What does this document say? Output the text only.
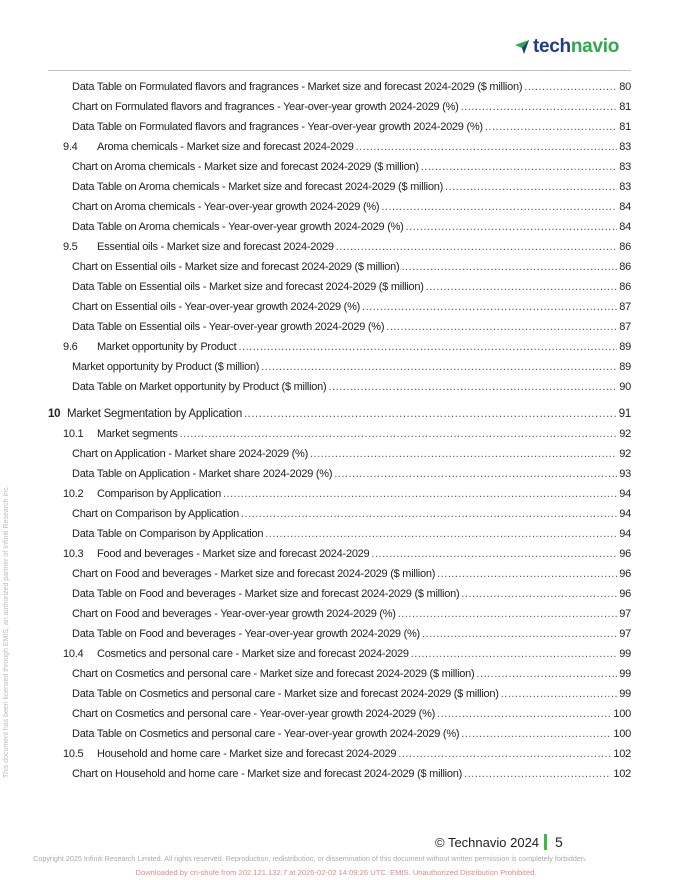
tech navio
Data Table on Formulated flavors and fragrances - Market size and forecast 2024-2029 ($ million) .....	80
Chart on Formulated flavors and fragrances - Year-over-year growth 2024-2029 (%) .....	81
Data Table on Formulated flavors and fragrances - Year-over-year growth 2024-2029 (%) .....	81
9.4	Aroma chemicals - Market size and forecast 2024-2029 .....	83
Chart on Aroma chemicals - Market size and forecast 2024-2029 ($ million) .....	83
Data Table on Aroma chemicals - Market size and forecast 2024-2029 ($ million) .....	83
Chart on Aroma chemicals - Year-over-year growth 2024-2029 (%) .....	84
Data Table on Aroma chemicals - Year-over-year growth 2024-2029 (%) .....	84
9.5	Essential oils - Market size and forecast 2024-2029 .....	86
Chart on Essential oils - Market size and forecast 2024-2029 ($ million) .....	86
Data Table on Essential oils - Market size and forecast 2024-2029 ($ million) .....	86
Chart on Essential oils - Year-over-year growth 2024-2029 (%) .....	87
Data Table on Essential oils - Year-over-year growth 2024-2029 (%) .....	87
9.6	Market opportunity by Product .....	89
Market opportunity by Product ($ million) .....	89
Data Table on Market opportunity by Product ($ million) .....	90
10 Market Segmentation by Application .....	91
10.1	Market segments .....	92
Chart on Application - Market share 2024-2029 (%) .....	92
Data Table on Application - Market share 2024-2029 (%) .....	93
10.2	Comparison by Application .....	94
Chart on Comparison by Application .....	94
Data Table on Comparison by Application .....	94
10.3	Food and beverages - Market size and forecast 2024-2029 .....	96
Chart on Food and beverages - Market size and forecast 2024-2029 ($ million) .....	96
Data Table on Food and beverages - Market size and forecast 2024-2029 ($ million) .....	96
Chart on Food and beverages - Year-over-year growth 2024-2029 (%) .....	97
Data Table on Food and beverages - Year-over-year growth 2024-2029 (%) .....	97
10.4	Cosmetics and personal care - Market size and forecast 2024-2029 .....	99
Chart on Cosmetics and personal care - Market size and forecast 2024-2029 ($ million) .....	99
Data Table on Cosmetics and personal care - Market size and forecast 2024-2029 ($ million) .....	99
Chart on Cosmetics and personal care - Year-over-year growth 2024-2029 (%) .....	100
Data Table on Cosmetics and personal care - Year-over-year growth 2024-2029 (%) .....	100
10.5	Household and home care - Market size and forecast 2024-2029 .....	102
Chart on Household and home care - Market size and forecast 2024-2029 ($ million) .....	102
This document has been licensed through EMIS, an authorized partner of Infiniti Research Inc.
© Technavio 2024 5
Copyright 2025 Infiniti Research Limited. All rights reserved. Reproduction, redistribution, or dissemination of this document without written permission is completely forbidden.
Downloaded by cn-shufe from 202.121.132.7 at 2026-02-02 14:09:26 UTC. EMIS. Unauthorized Distribution Prohibited.
